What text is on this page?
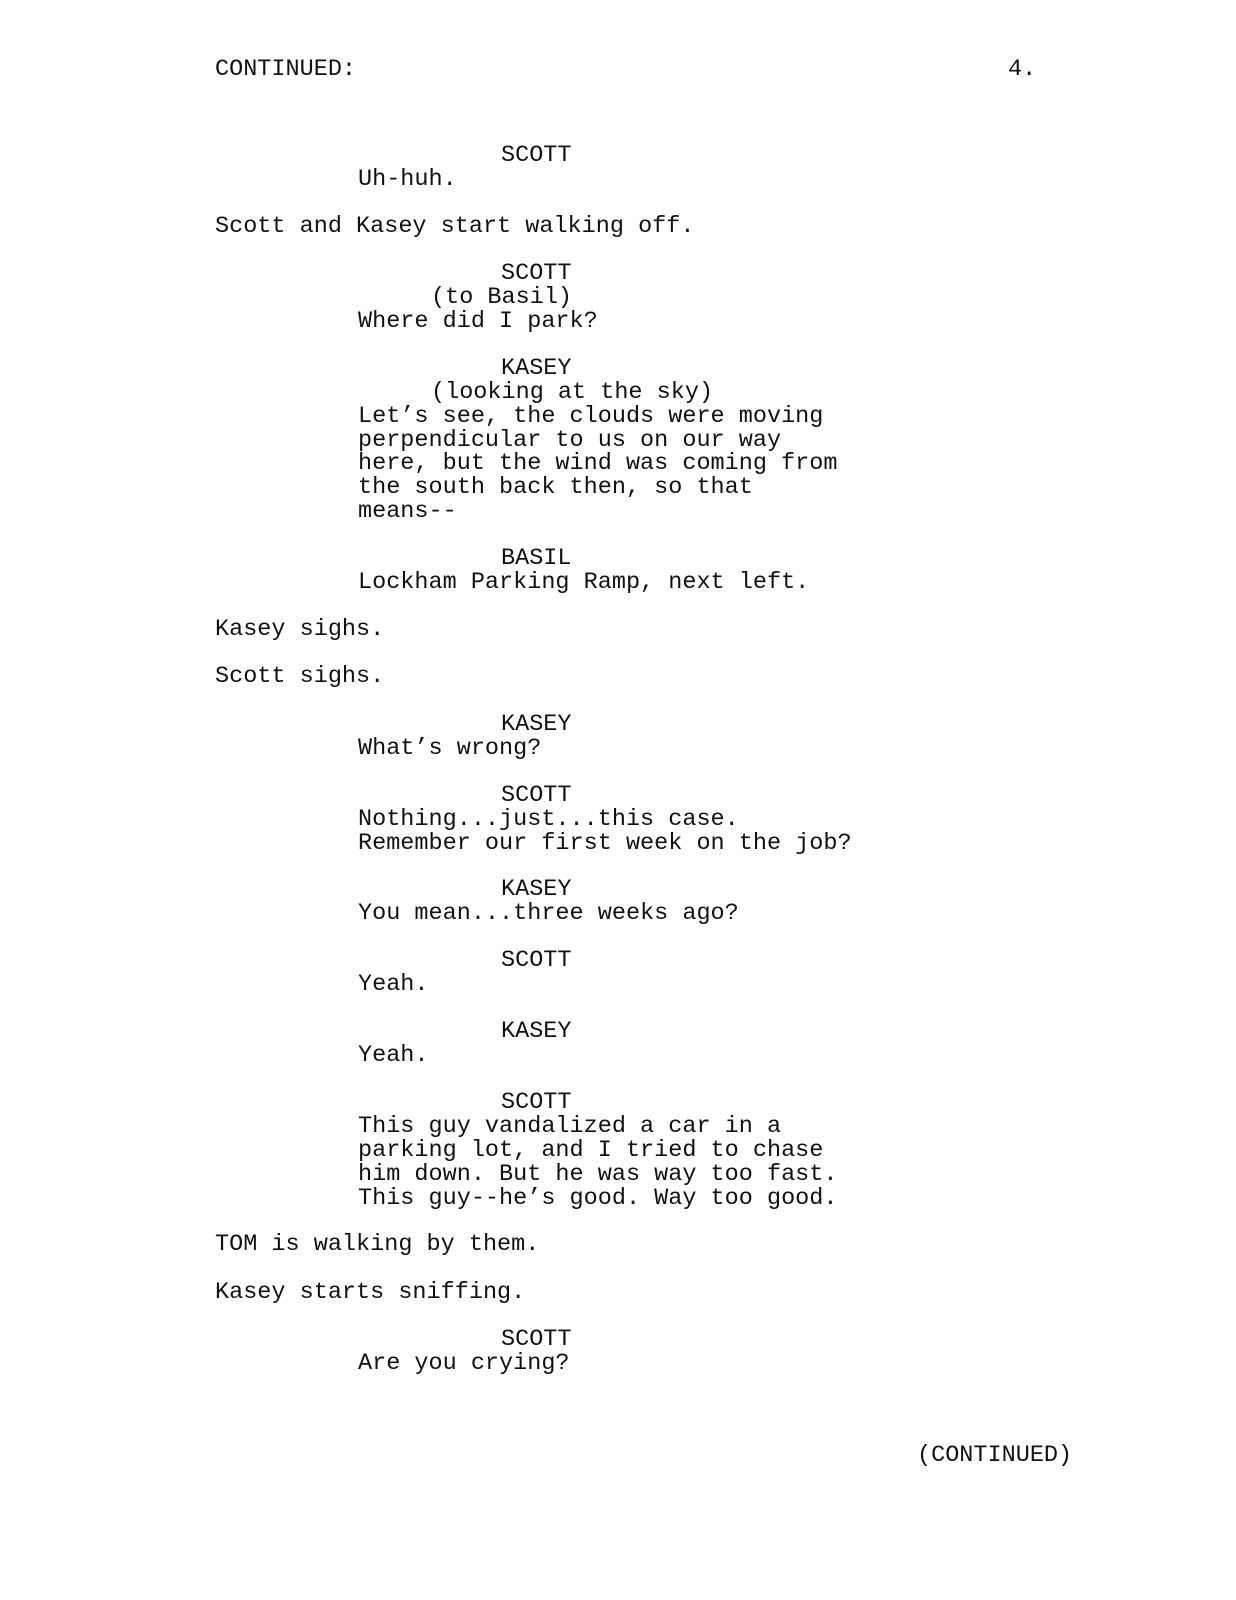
CONTINUED:	4.
SCOTT
Uh-huh.
Scott and Kasey start walking off.
SCOTT
(to Basil)
Where did I park?
KASEY
(looking at the sky)
Let’s see, the clouds were moving
perpendicular to us on our way
here, but the wind was coming from
the south back then, so that
means--
BASIL
Lockham Parking Ramp, next left.
Kasey sighs.
Scott sighs.
KASEY
What’s wrong?
SCOTT
Nothing...just...this case.
Remember our first week on the job?
KASEY
You mean...three weeks ago?
SCOTT
Yeah.
KASEY
Yeah.
SCOTT
This guy vandalized a car in a
parking lot, and I tried to chase
him down. But he was way too fast.
This guy--he’s good. Way too good.
TOM is walking by them.
Kasey starts sniffing.
SCOTT
Are you crying?
(CONTINUED)
